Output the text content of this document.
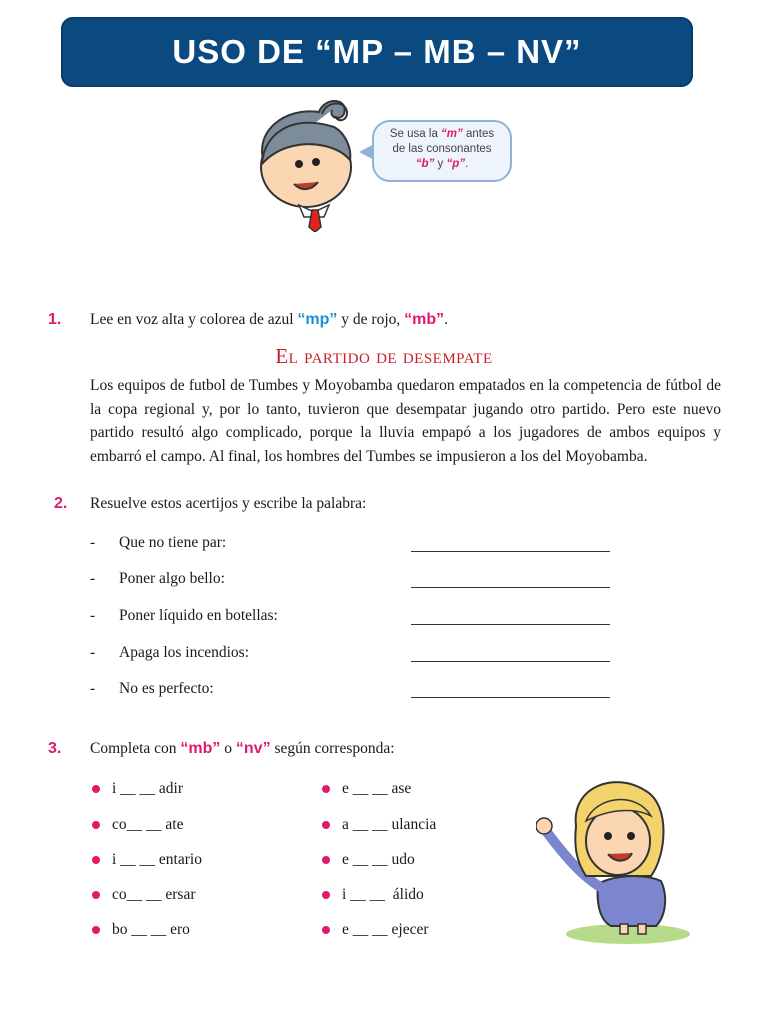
USO DE “MP – MB – NV”
Se usa la “m” antes
de las consonantes
“b” y “p”.
1. Lee en voz alta y colorea de azul “mp” y de rojo, “mb”.
El partido de desempate
Los equipos de futbol de Tumbes y Moyobamba quedaron empatados en la competencia de fútbol de la copa regional y, por lo tanto, tuvieron que desempatar jugando otro partido. Pero este nuevo partido resultó algo complicado, porque la lluvia empapó a los jugadores de ambos equipos y embarró el campo. Al final, los hombres del Tumbes se impusieron a los del Moyobamba.
2. Resuelve estos acertijos y escribe la palabra:
- Que no tiene par:
- Poner algo bello:
- Poner líquido en botellas:
- Apaga los incendios:
- No es perfecto:
3. Completa con “mb” o “nv” según corresponda:
i __ __ adir
co__ __ ate
i __ __ entario
co__ __ ersar
bo __ __ ero
e __ __ ase
a __ __ ulancia
e __ __ udo
i __ __  álido
e __ __ ejecer
